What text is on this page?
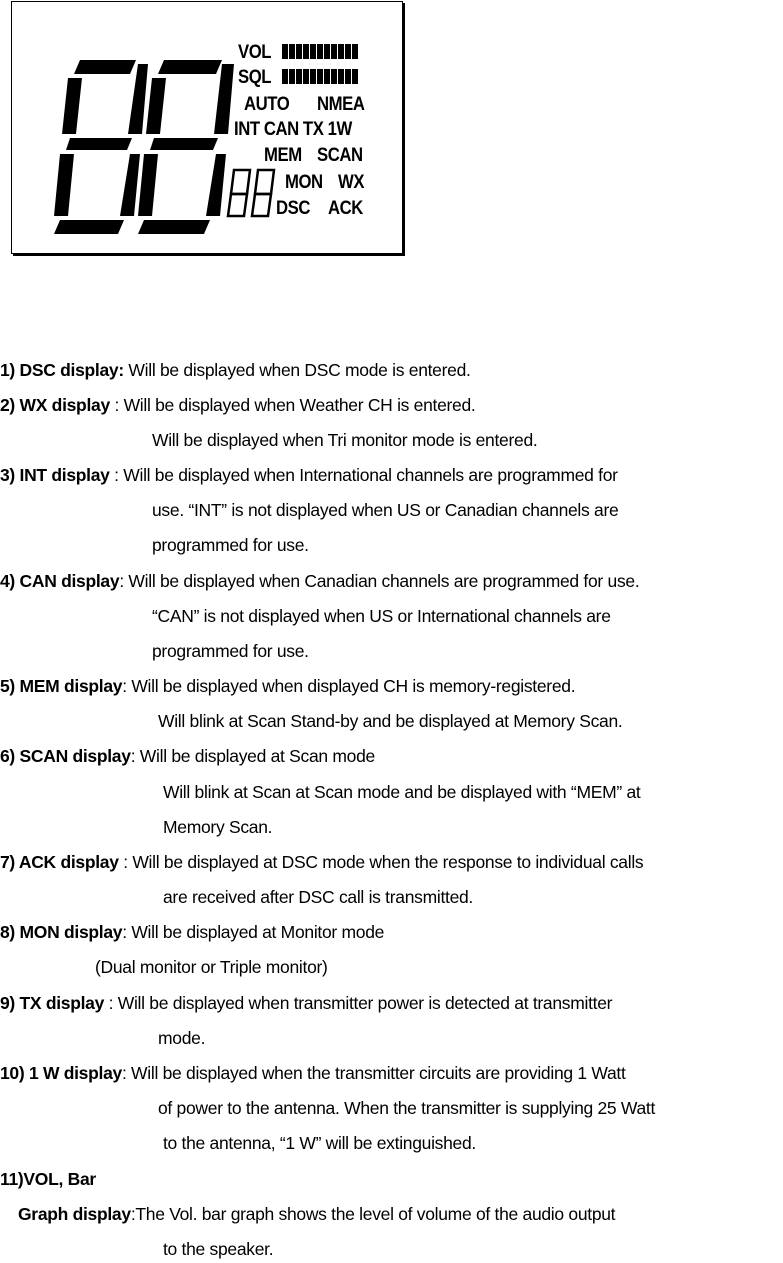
VOL
SQL
AUTO NMEA
INT CAN TX 1W
MEM SCAN
MON WX
DSC ACK
1) DSC display: Will be displayed when DSC mode is entered.
2) WX display : Will be displayed when Weather CH is entered.
Will be displayed when Tri monitor mode is entered.
3) INT display : Will be displayed when International channels are programmed for
use. “INT” is not displayed when US or Canadian channels are
programmed for use.
4) CAN display: Will be displayed when Canadian channels are programmed for use.
“CAN” is not displayed when US or International channels are
programmed for use.
5) MEM display: Will be displayed when displayed CH is memory-registered.
Will blink at Scan Stand-by and be displayed at Memory Scan.
6) SCAN display: Will be displayed at Scan mode
Will blink at Scan at Scan mode and be displayed with “MEM” at
Memory Scan.
7) ACK display : Will be displayed at DSC mode when the response to individual calls
are received after DSC call is transmitted.
8) MON display: Will be displayed at Monitor mode
(Dual monitor or Triple monitor)
9) TX display : Will be displayed when transmitter power is detected at transmitter
mode.
10) 1 W display: Will be displayed when the transmitter circuits are providing 1 Watt
of power to the antenna. When the transmitter is supplying 25 Watt
to the antenna, “1 W” will be extinguished.
11)VOL, Bar
Graph display:The Vol. bar graph shows the level of volume of the audio output
to the speaker.
